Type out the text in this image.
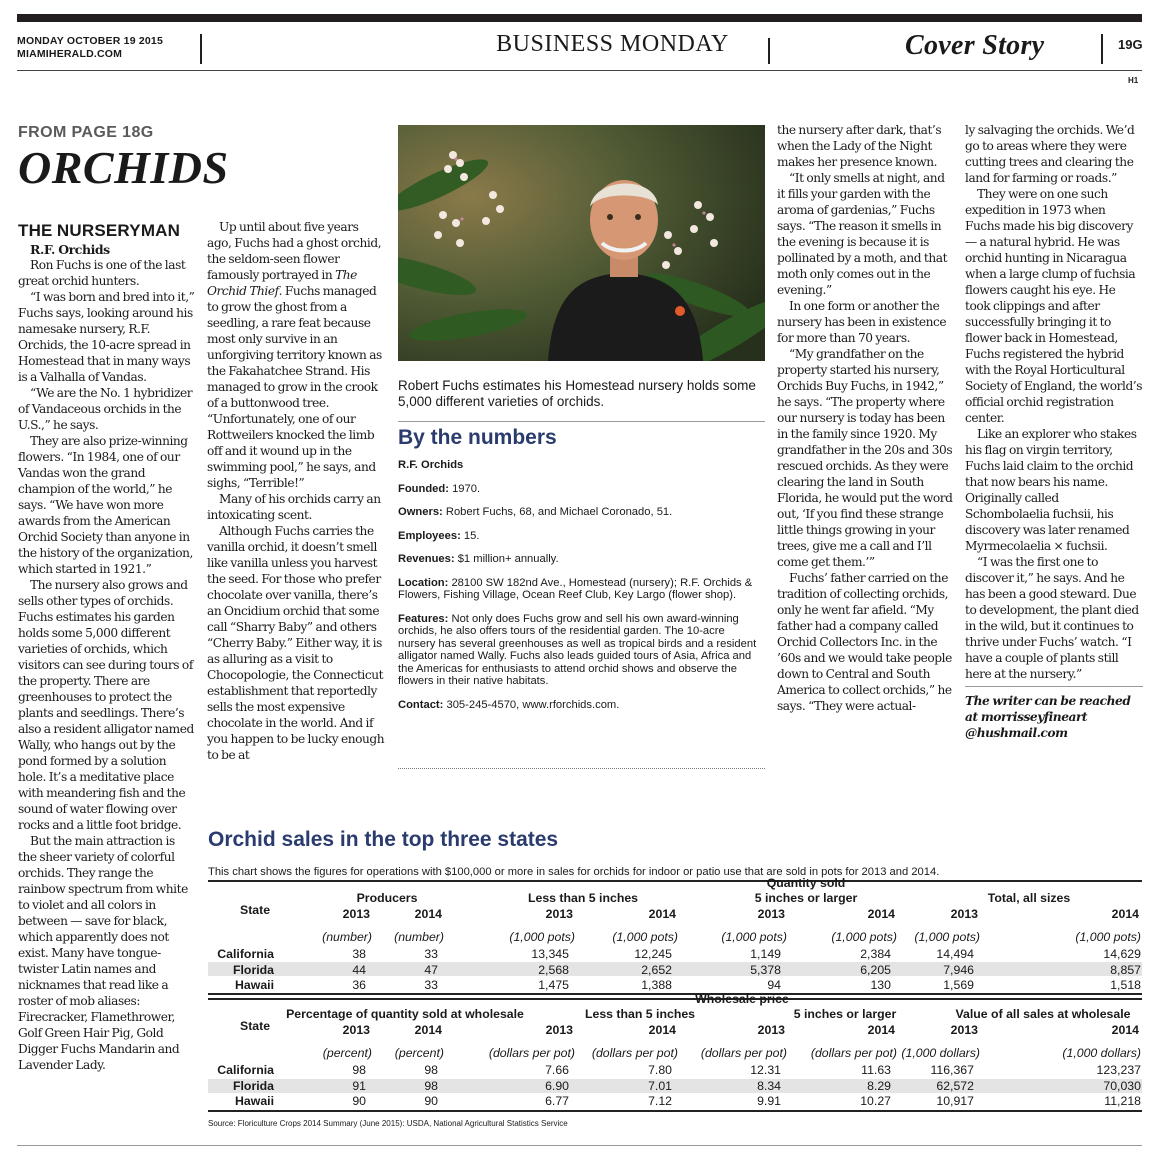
MONDAY OCTOBER 19 2015
MIAMIHERALD.COM	BUSINESS MONDAY	Cover Story	19G
H1
FROM PAGE 18G
ORCHIDS
THE NURSERYMAN
R.F. Orchids

Ron Fuchs is one of the last great orchid hunters.

“I was born and bred into it,” Fuchs says, looking around his namesake nursery, R.F. Orchids, the 10-acre spread in Homestead that in many ways is a Valhalla of Vandas.

“We are the No. 1 hybridizer of Vandaceous orchids in the U.S.,” he says.

They are also prize-winning flowers. “In 1984, one of our Vandas won the grand champion of the world,” he says. “We have won more awards from the American Orchid Society than anyone in the history of the organization, which started in 1921.”

The nursery also grows and sells other types of orchids. Fuchs estimates his garden holds some 5,000 different varieties of orchids, which visitors can see during tours of the property. There are greenhouses to protect the plants and seedlings. There’s also a resident alligator named Wally, who hangs out by the pond formed by a solution hole. It’s a meditative place with meandering fish and the sound of water flowing over rocks and a little foot bridge.

But the main attraction is the sheer variety of colorful orchids. They range the rainbow spectrum from white to violet and all colors in between — save for black, which apparently does not exist. Many have tongue-twister Latin names and nicknames that read like a roster of mob aliases: Firecracker, Flamethrower, Golf Green Hair Pig, Gold Digger Fuchs Mandarin and Lavender Lady.

Up until about five years ago, Fuchs had a ghost orchid, the seldom-seen flower famously portrayed in The Orchid Thief. Fuchs managed to grow the ghost from a seedling, a rare feat because most only survive in an unforgiving territory known as the Fakahatchee Strand. His managed to grow in the crook of a buttonwood tree. “Unfortunately, one of our Rottweilers knocked the limb off and it wound up in the swimming pool,” he says, and sighs, “Terrible!”

Many of his orchids carry an intoxicating scent.

Although Fuchs carries the vanilla orchid, it doesn’t smell like vanilla unless you harvest the seed. For those who prefer chocolate over vanilla, there’s an Oncidium orchid that some call “Sharry Baby” and others “Cherry Baby.” Either way, it is as alluring as a visit to Chocopologie, the Connecticut establishment that reportedly sells the most expensive chocolate in the world. And if you happen to be lucky enough to be at

Robert Fuchs estimates his Homestead nursery holds some 5,000 different varieties of orchids.
By the numbers
R.F. Orchids
Founded: 1970.
Owners: Robert Fuchs, 68, and Michael Coronado, 51.
Employees: 15.
Revenues: $1 million+ annually.
Location: 28100 SW 182nd Ave., Homestead (nursery); R.F. Orchids & Flowers, Fishing Village, Ocean Reef Club, Key Largo (flower shop).
Features: Not only does Fuchs grow and sell his own award-winning orchids, he also offers tours of the residential garden. The 10-acre nursery has several greenhouses as well as tropical birds and a resident alligator named Wally. Fuchs also leads guided tours of Asia, Africa and the Americas for enthusiasts to attend orchid shows and observe the flowers in their native habitats.
Contact: 305-245-4570, www.rforchids.com.

the nursery after dark, that’s when the Lady of the Night makes her presence known.

“It only smells at night, and it fills your garden with the aroma of gardenias,” Fuchs says. “The reason it smells in the evening is because it is pollinated by a moth, and that moth only comes out in the evening.”

In one form or another the nursery has been in existence for more than 70 years.

“My grandfather on the property started his nursery, Orchids Buy Fuchs, in 1942,” he says. “The property where our nursery is today has been in the family since 1920. My grandfather in the 20s and 30s rescued orchids. As they were clearing the land in South Florida, he would put the word out, ‘If you find these strange little things growing in your trees, give me a call and I’ll come get them.’”

Fuchs’ father carried on the tradition of collecting orchids, only he went far afield. “My father had a company called Orchid Collectors Inc. in the ’60s and we would take people down to Central and South America to collect orchids,” he says. “They were actual-

ly salvaging the orchids. We’d go to areas where they were cutting trees and clearing the land for farming or roads.”

They were on one such expedition in 1973 when Fuchs made his big discovery — a natural hybrid. He was orchid hunting in Nicaragua when a large clump of fuchsia flowers caught his eye. He took clippings and after successfully bringing it to flower back in Homestead, Fuchs registered the hybrid with the Royal Horticultural Society of England, the world’s official orchid registration center.

Like an explorer who stakes his flag on virgin territory, Fuchs laid claim to the orchid that now bears his name. Originally called Schombolaelia fuchsii, his discovery was later renamed Myrmecolaelia × fuchsii.

“I was the first one to discover it,” he says. And he has been a good steward. Due to development, the plant died in the wild, but it continues to thrive under Fuchs’ watch. “I have a couple of plants still here at the nursery.”

The writer can be reached at morrisseyfineart @hushmail.com
Orchid sales in the top three states
This chart shows the figures for operations with $100,000 or more in sales for orchids for indoor or patio use that are sold in pots for 2013 and 2014.
Quantity sold
State
Producers	Less than 5 inches	5 inches or larger	Total, all sizes
2013	2014	2013	2014	2013	2014	2013	2014
(number) (number)	(1,000 pots)	(1,000 pots)	(1,000 pots)	(1,000 pots) (1,000 pots)	(1,000 pots)
California	38	33	13,345	12,245	1,149	2,384	14,494	14,629
Florida	44	47	2,568	2,652	5,378	6,205	7,946	8,857
Hawaii	36	33	1,475	1,388	94	130	1,569	1,518
Wholesale price
State
Percentage of quantity sold at wholesale	Less than 5 inches	5 inches or larger	Value of all sales at wholesale
2013	2014	2013	2014	2013	2014	2013	2014
(percent) (percent)	(dollars per pot) (dollars per pot) (dollars per pot) (dollars per pot) (1,000 dollars)	(1,000 dollars)
California	98	98	7.66	7.80	12.31	11.63	116,367	123,237
Florida	91	98	6.90	7.01	8.34	8.29	62,572	70,030
Hawaii	90	90	6.77	7.12	9.91	10.27	10,917	11,218
Source: Floriculture Crops 2014 Summary (June 2015): USDA, National Agricultural Statistics Service
